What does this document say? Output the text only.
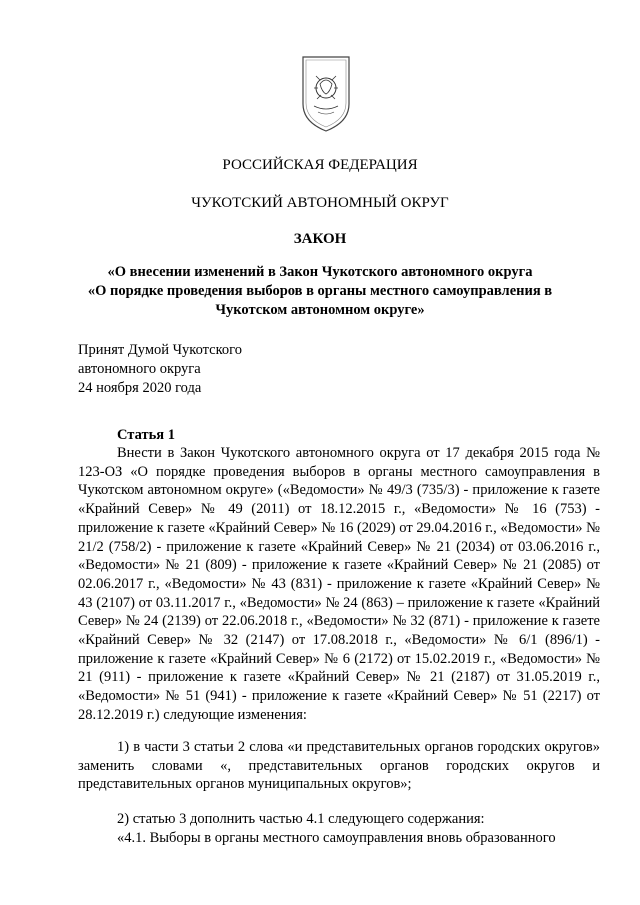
РОССИЙСКАЯ ФЕДЕРАЦИЯ
ЧУКОТСКИЙ АВТОНОМНЫЙ ОКРУГ
ЗАКОН
«О внесении изменений в Закон Чукотского автономного округа
«О порядке проведения выборов в органы местного самоуправления в
Чукотском автономном округе»
Принят Думой Чукотского
автономного округа
24 ноября 2020 года
Статья 1
Внести в Закон Чукотского автономного округа от 17 декабря 2015 года № 123-ОЗ «О порядке проведения выборов в органы местного самоуправления в Чукотском автономном округе» («Ведомости» № 49/3 (735/3) - приложение к газете «Крайний Север» № 49 (2011) от 18.12.2015 г., «Ведомости» № 16 (753) - приложение к газете «Крайний Север» № 16 (2029) от 29.04.2016 г., «Ведомости» № 21/2 (758/2) - приложение к газете «Крайний Север» № 21 (2034) от 03.06.2016 г., «Ведомости» № 21 (809) - приложение к газете «Крайний Север» № 21 (2085) от 02.06.2017 г., «Ведомости» № 43 (831) - приложение к газете «Крайний Север» № 43 (2107) от 03.11.2017 г., «Ведомости» № 24 (863) – приложение к газете «Крайний Север» № 24 (2139) от 22.06.2018 г., «Ведомости» № 32 (871) - приложение к газете «Крайний Север» № 32 (2147) от 17.08.2018 г., «Ведомости» № 6/1 (896/1) - приложение к газете «Крайний Север» № 6 (2172) от 15.02.2019 г., «Ведомости» № 21 (911) - приложение к газете «Крайний Север» № 21 (2187) от 31.05.2019 г., «Ведомости» № 51 (941) - приложение к газете «Крайний Север» № 51 (2217) от 28.12.2019 г.) следующие изменения:
1) в части 3 статьи 2 слова «и представительных органов городских округов» заменить словами «, представительных органов городских округов и представительных органов муниципальных округов»;
2) статью 3 дополнить частью 4.1 следующего содержания:
«4.1. Выборы в органы местного самоуправления вновь образованного
